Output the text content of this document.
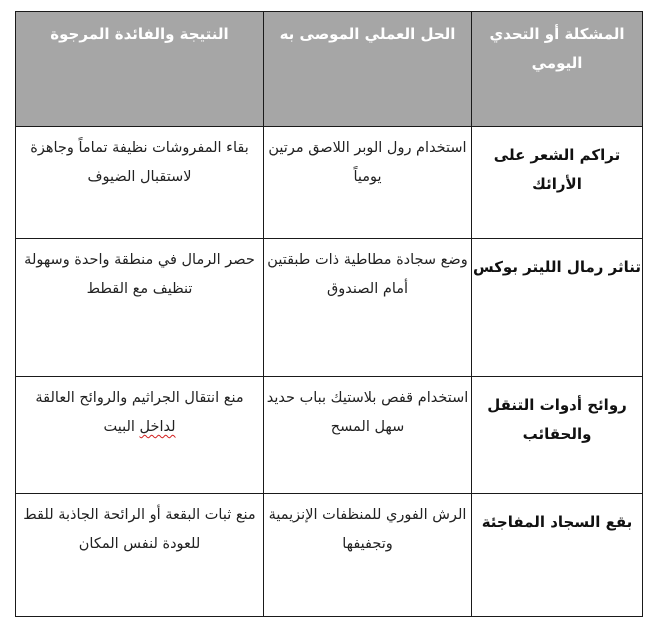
المشكلة أو التحدي اليومي	الحل العملي الموصى به	النتيجة والفائدة المرجوة
تراكم الشعر على الأرائك	استخدام رول الوبر اللاصق مرتين يومياً	بقاء المفروشات نظيفة تماماً وجاهزة لاستقبال الضيوف
تناثر رمال الليتر بوكس	وضع سجادة مطاطية ذات طبقتين أمام الصندوق	حصر الرمال في منطقة واحدة وسهولة تنظيف مع القطط
روائح أدوات التنقل والحقائب	استخدام قفص بلاستيك بباب حديد سهل المسح	منع انتقال الجراثيم والروائح العالقة لداخل البيت
بقع السجاد المفاجئة	الرش الفوري للمنظفات الإنزيمية وتجفيفها	منع ثبات البقعة أو الرائحة الجاذبة للقط للعودة لنفس المكان
